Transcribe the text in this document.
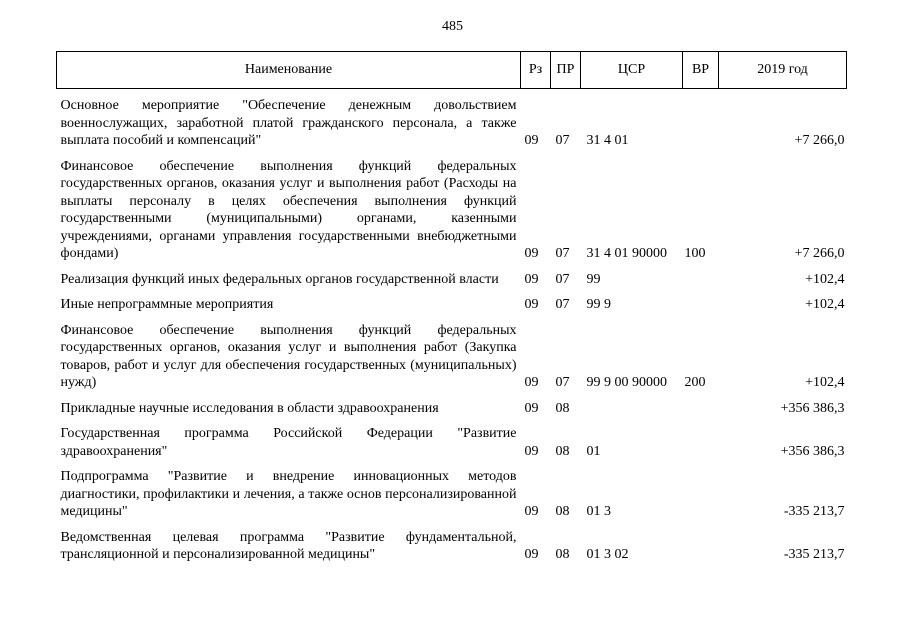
485
Наименование	Рз	ПР	ЦСР	ВР	2019 год
Основное мероприятие "Обеспечение денежным довольствием военнослужащих, заработной платой гражданского персонала, а также выплата пособий и компенсаций"	09	07	31 4 01		+7 266,0
Финансовое обеспечение выполнения функций федеральных государственных органов, оказания услуг и выполнения работ (Расходы на выплаты персоналу в целях обеспечения выполнения функций государственными (муниципальными) органами, казенными учреждениями, органами управления государственными внебюджетными фондами)	09	07	31 4 01 90000	100	+7 266,0
Реализация функций иных федеральных органов государственной власти	09	07	99		+102,4
Иные непрограммные мероприятия	09	07	99 9		+102,4
Финансовое обеспечение выполнения функций федеральных государственных органов, оказания услуг и выполнения работ (Закупка товаров, работ и услуг для обеспечения государственных (муниципальных) нужд)	09	07	99 9 00 90000	200	+102,4
Прикладные научные исследования в области здравоохранения	09	08			+356 386,3
Государственная программа Российской Федерации "Развитие здравоохранения"	09	08	01		+356 386,3
Подпрограмма "Развитие и внедрение инновационных методов диагностики, профилактики и лечения, а также основ персонализированной медицины"	09	08	01 3		-335 213,7
Ведомственная целевая программа "Развитие фундаментальной, трансляционной и персонализированной медицины"	09	08	01 3 02		-335 213,7
